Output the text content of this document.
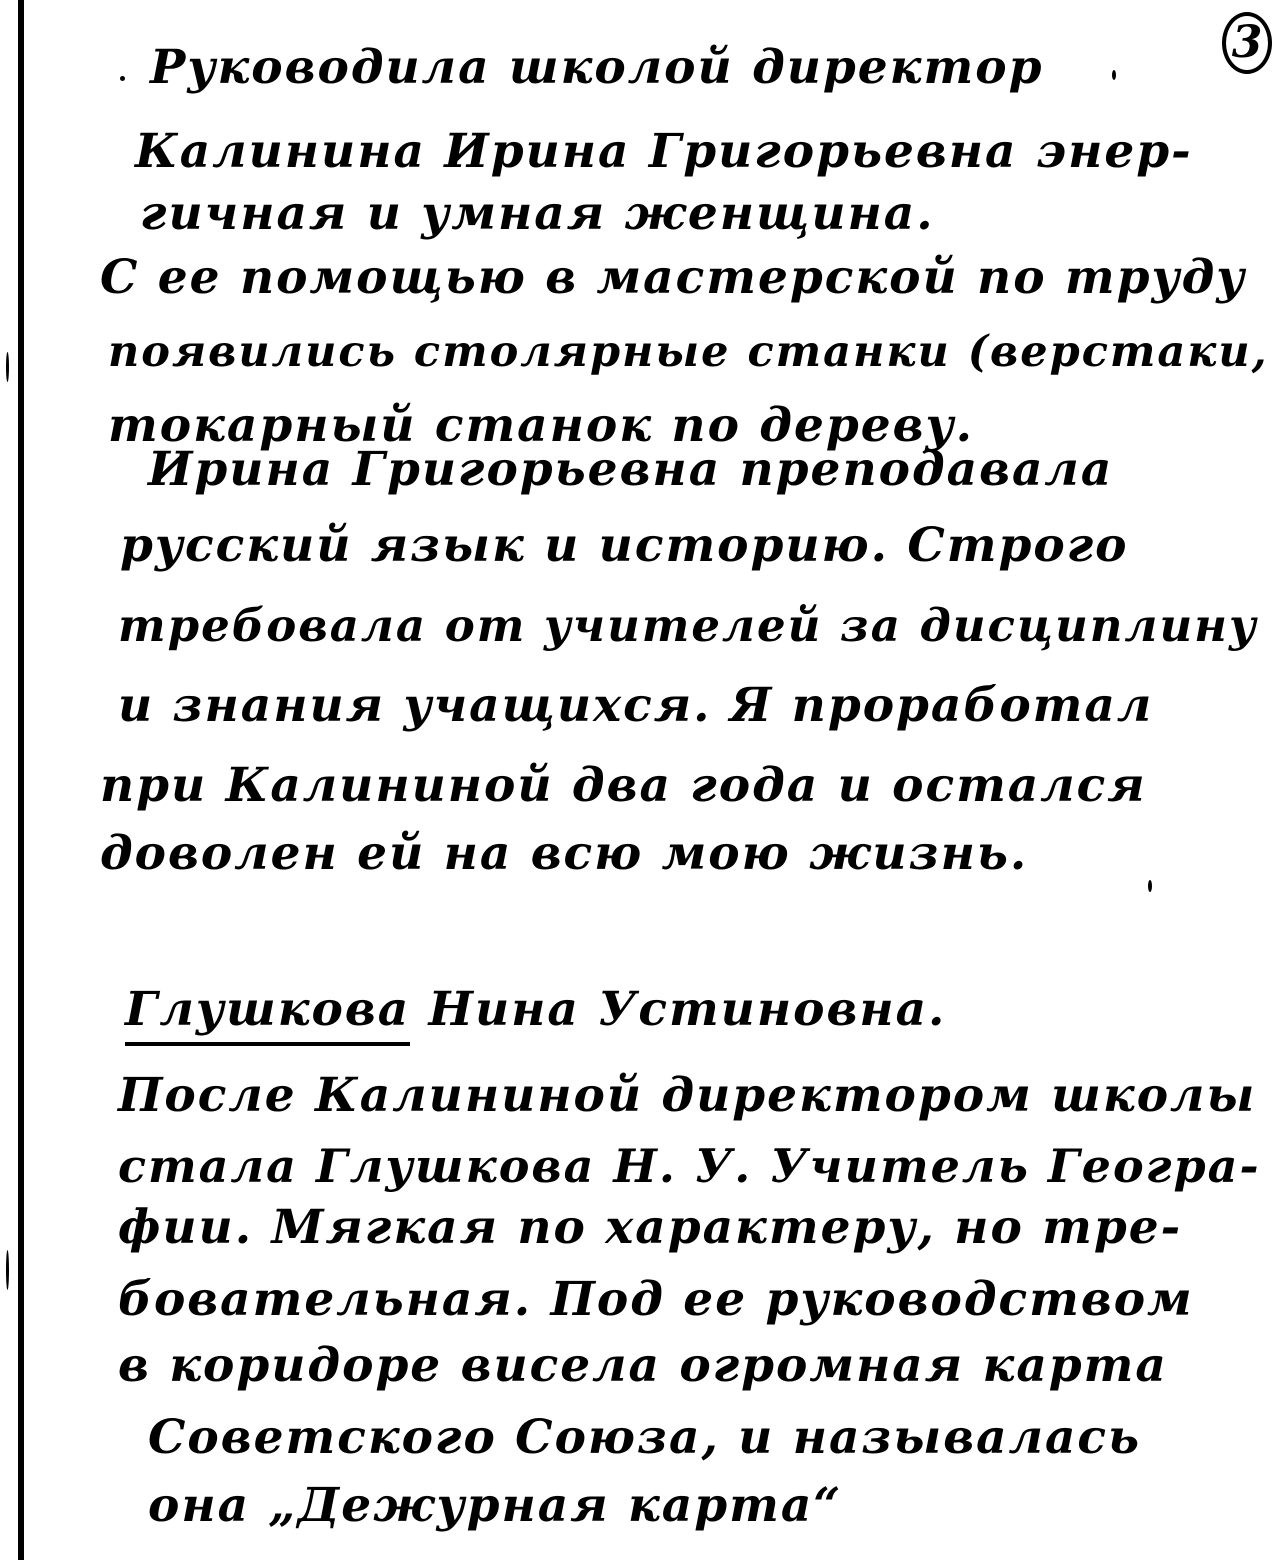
3
Руководила школой директор
Калинина Ирина Григорьевна энер-
гичная и умная женщина.
С ее помощью в мастерской по труду
появились столярные станки (верстаки,
токарный станок по дереву.
Ирина Григорьевна преподавала
русский язык и историю. Строго
требовала от учителей за дисциплину
и знания учащихся. Я проработал
при Калининой два года и остался
доволен ей на всю мою жизнь.
Глушкова Нина Устиновна.
После Калининой директором школы
стала Глушкова Н. У. Учитель Геогра-
фии. Мягкая по характеру, но тре-
бовательная. Под ее руководством
в коридоре висела огромная карта
Советского Союза, и называлась
она „Дежурная карта“
